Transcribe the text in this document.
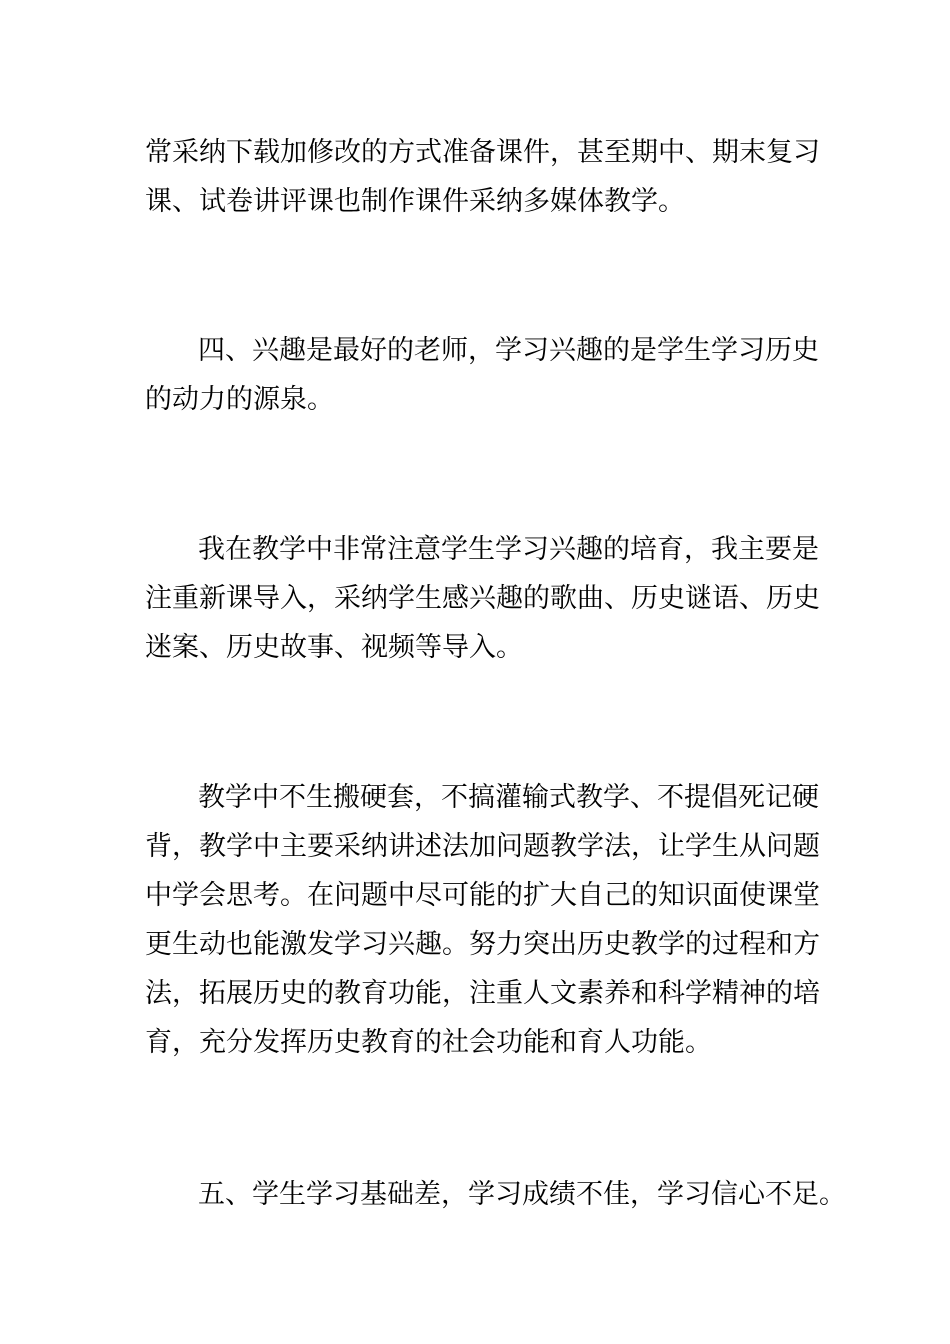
常采纳下载加修改的方式准备课件，甚至期中、期末复习
课、试卷讲评课也制作课件采纳多媒体教学。
四、兴趣是最好的老师，学习兴趣的是学生学习历史
的动力的源泉。
我在教学中非常注意学生学习兴趣的培育，我主要是
注重新课导入，采纳学生感兴趣的歌曲、历史谜语、历史
迷案、历史故事、视频等导入。
教学中不生搬硬套，不搞灌输式教学、不提倡死记硬
背，教学中主要采纳讲述法加问题教学法，让学生从问题
中学会思考。在问题中尽可能的扩大自己的知识面使课堂
更生动也能激发学习兴趣。努力突出历史教学的过程和方
法，拓展历史的教育功能，注重人文素养和科学精神的培
育，充分发挥历史教育的社会功能和育人功能。
五、学生学习基础差，学习成绩不佳，学习信心不足。
